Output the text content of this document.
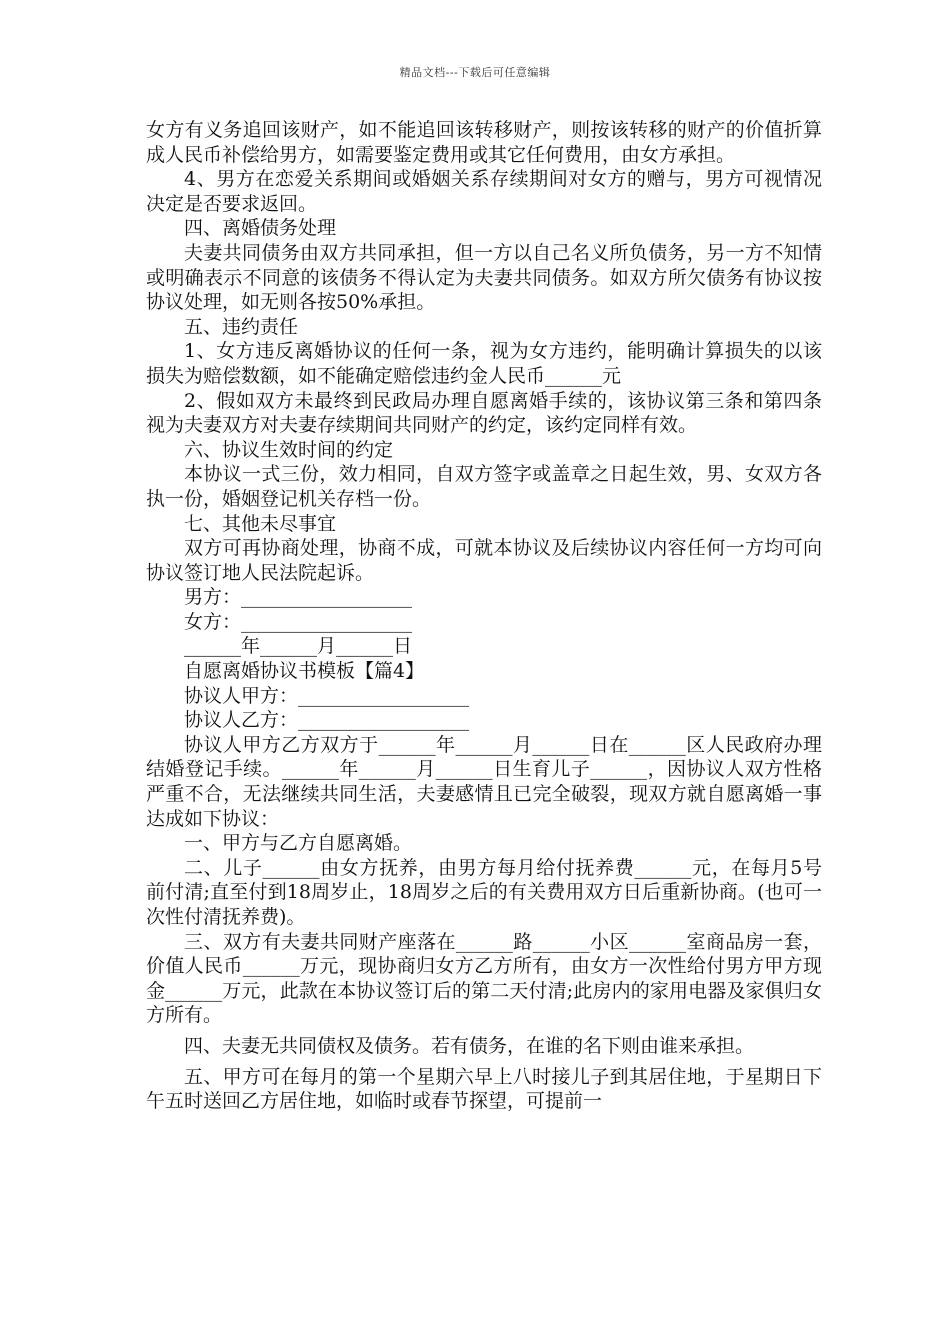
精品文档---下载后可任意编辑

女方有义务追回该财产，如不能追回该转移财产，则按该转移的财产的价值折算成人民币补偿给男方，如需要鉴定费用或其它任何费用，由女方承担。

4、男方在恋爱关系期间或婚姻关系存续期间对女方的赠与，男方可视情况决定是否要求返回。

四、离婚债务处理

夫妻共同债务由双方共同承担，但一方以自己名义所负债务，另一方不知情或明确表示不同意的该债务不得认定为夫妻共同债务。如双方所欠债务有协议按协议处理，如无则各按50%承担。

五、违约责任

1、女方违反离婚协议的任何一条，视为女方违约，能明确计算损失的以该损失为赔偿数额，如不能确定赔偿违约金人民币______元

2、假如双方未最终到民政局办理自愿离婚手续的，该协议第三条和第四条视为夫妻双方对夫妻存续期间共同财产的约定，该约定同样有效。

六、协议生效时间的约定

本协议一式三份，效力相同，自双方签字或盖章之日起生效，男、女双方各执一份，婚姻登记机关存档一份。

七、其他未尽事宜

双方可再协商处理，协商不成，可就本协议及后续协议内容任何一方均可向协议签订地人民法院起诉。

男方：__________________

女方：__________________

______年______月______日

自愿离婚协议书模板【篇4】

协议人甲方：__________________

协议人乙方：__________________

协议人甲方乙方双方于______年______月______日在______区人民政府办理结婚登记手续。______年______月______日生育儿子______，因协议人双方性格严重不合，无法继续共同生活，夫妻感情且已完全破裂，现双方就自愿离婚一事达成如下协议：

一、甲方与乙方自愿离婚。

二、儿子______由女方抚养，由男方每月给付抚养费______元，在每月5号前付清;直至付到18周岁止，18周岁之后的有关费用双方日后重新协商。(也可一次性付清抚养费)。

三、双方有夫妻共同财产座落在______路______小区______室商品房一套，价值人民币______万元，现协商归女方乙方所有，由女方一次性给付男方甲方现金______万元，此款在本协议签订后的第二天付清;此房内的家用电器及家俱归女方所有。

四、夫妻无共同债权及债务。若有债务，在谁的名下则由谁来承担。

五、甲方可在每月的第一个星期六早上八时接儿子到其居住地，于星期日下午五时送回乙方居住地，如临时或春节探望，可提前一
